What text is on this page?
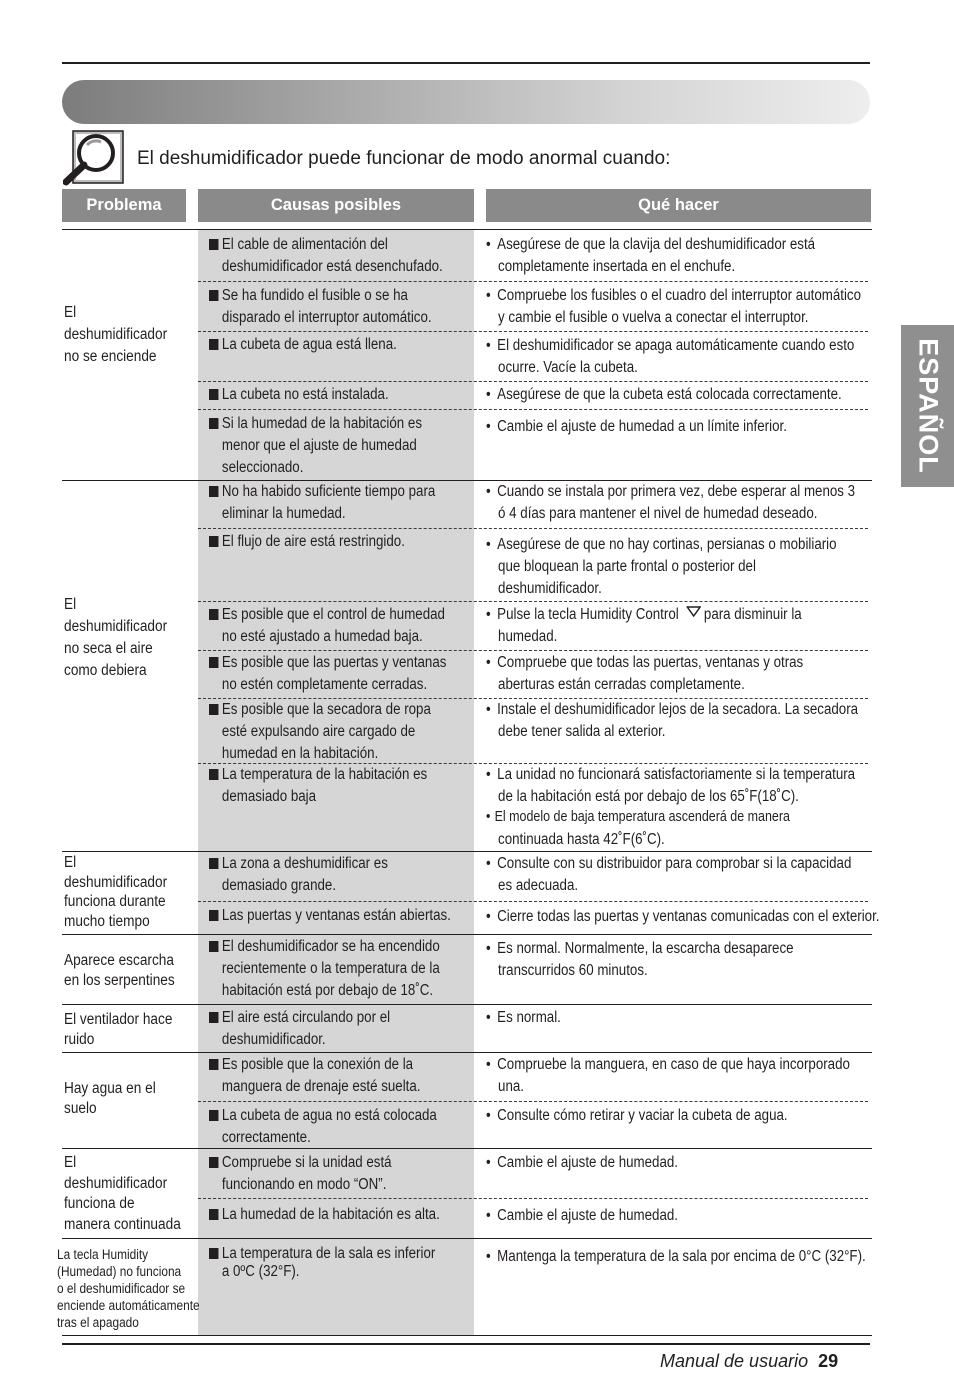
El deshumidificador puede funcionar de modo anormal cuando:
Problema	Causas posibles	Qué hacer
ESPAÑOL
El
deshumidificador
no se enciende
El
deshumidificador
no seca el aire
como debiera
El
deshumidificador
funciona durante
mucho tiempo
Aparece escarcha
en los serpentines
El ventilador hace
ruido
Hay agua en el
suelo
El
deshumidificador
funciona de
manera continuada
La tecla Humidity
(Humedad) no funciona
o el deshumidificador se
enciende automáticamente
tras el apagado
El cable de alimentación del
deshumidificador está desenchufado.
Se ha fundido el fusible o se ha
disparado el interruptor automático.
La cubeta de agua está llena.
La cubeta no está instalada.
Si la humedad de la habitación es
menor que el ajuste de humedad
seleccionado.
No ha habido suficiente tiempo para
eliminar la humedad.
El flujo de aire está restringido.
Es posible que el control de humedad
no esté ajustado a humedad baja.
Es posible que las puertas y ventanas
no estén completamente cerradas.
Es posible que la secadora de ropa
esté expulsando aire cargado de
humedad en la habitación.
La temperatura de la habitación es
demasiado baja
La zona a deshumidificar es
demasiado grande.
Las puertas y ventanas están abiertas.
El deshumidificador se ha encendido
recientemente o la temperatura de la
habitación está por debajo de 18˚C.
El aire está circulando por el
deshumidificador.
Es posible que la conexión de la
manguera de drenaje esté suelta.
La cubeta de agua no está colocada
correctamente.
Compruebe si la unidad está
funcionando en modo “ON”.
La humedad de la habitación es alta.
La temperatura de la sala es inferior
a 0ºC (32°F).
• Asegúrese de que la clavija del deshumidificador está
completamente insertada en el enchufe.
• Compruebe los fusibles o el cuadro del interruptor automático
y cambie el fusible o vuelva a conectar el interruptor.
• El deshumidificador se apaga automáticamente cuando esto
ocurre. Vacíe la cubeta.
• Asegúrese de que la cubeta está colocada correctamente.
• Cambie el ajuste de humedad a un límite inferior.
• Cuando se instala por primera vez, debe esperar al menos 3
ó 4 días para mantener el nivel de humedad deseado.
• Asegúrese de que no hay cortinas, persianas o mobiliario
que bloquean la parte frontal o posterior del
deshumidificador.
• Pulse la tecla Humidity Control para disminuir la
humedad.
• Compruebe que todas las puertas, ventanas y otras
aberturas están cerradas completamente.
• Instale el deshumidificador lejos de la secadora. La secadora
debe tener salida al exterior.
• La unidad no funcionará satisfactoriamente si la temperatura
de la habitación está por debajo de los 65˚F(18˚C).
• El modelo de baja temperatura ascenderá de manera
continuada hasta 42˚F(6˚C).
• Consulte con su distribuidor para comprobar si la capacidad
es adecuada.
• Cierre todas las puertas y ventanas comunicadas con el exterior.
• Es normal. Normalmente, la escarcha desaparece
transcurridos 60 minutos.
• Es normal.
• Compruebe la manguera, en caso de que haya incorporado
una.
• Consulte cómo retirar y vaciar la cubeta de agua.
• Cambie el ajuste de humedad.
• Cambie el ajuste de humedad.
• Mantenga la temperatura de la sala por encima de 0°C (32°F).
Manual de usuario 29
